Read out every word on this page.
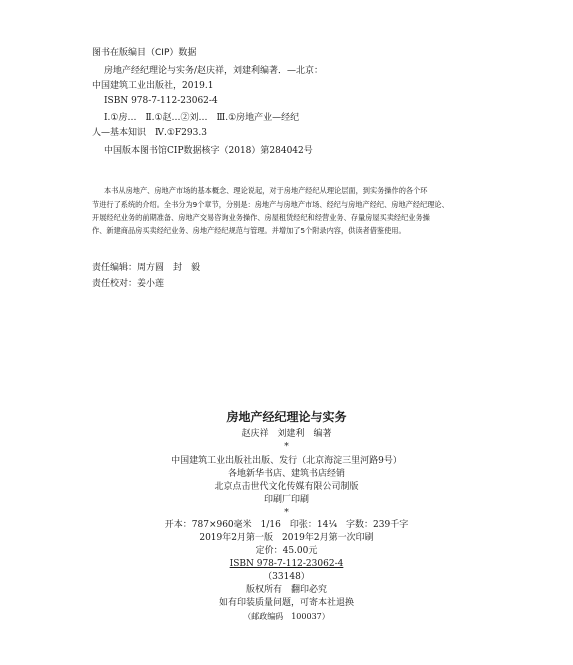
图书在版编目（CIP）数据
房地产经纪理论与实务/赵庆祥，刘建利编著．—北京：
中国建筑工业出版社，2019.1
ISBN 978-7-112-23062-4
Ⅰ.①房…　Ⅱ.①赵…②刘…　Ⅲ.①房地产业—经纪
人—基本知识　Ⅳ.①F293.3
中国版本图书馆CIP数据核字（2018）第284042号
本书从房地产、房地产市场的基本概念、理论说起，对于房地产经纪从理论层面，到实务操作的各个环
节进行了系统的介绍。全书分为9个章节，分别是：房地产与房地产市场、经纪与房地产经纪、房地产经纪理论、
开展经纪业务的前期准备、房地产交易咨询业务操作、房屋租赁经纪和经营业务、存量房屋买卖经纪业务操
作、新建商品房买卖经纪业务、房地产经纪规范与管理。并增加了5个附录内容，供读者借鉴使用。
责任编辑：周方圆　封　毅
责任校对：姜小莲
房地产经纪理论与实务
赵庆祥　刘建利　编著
*
中国建筑工业出版社出版、发行（北京海淀三里河路9号）
各地新华书店、建筑书店经销
北京点击世代文化传媒有限公司制版
印刷厂印刷
*
开本：787×960毫米　1/16　印张：14¼　字数：239千字
2019年2月第一版　2019年2月第一次印刷
定价：45.00元
ISBN 978-7-112-23062-4
（33148）
版权所有　翻印必究
如有印装质量问题，可寄本社退换
（邮政编码　100037）
